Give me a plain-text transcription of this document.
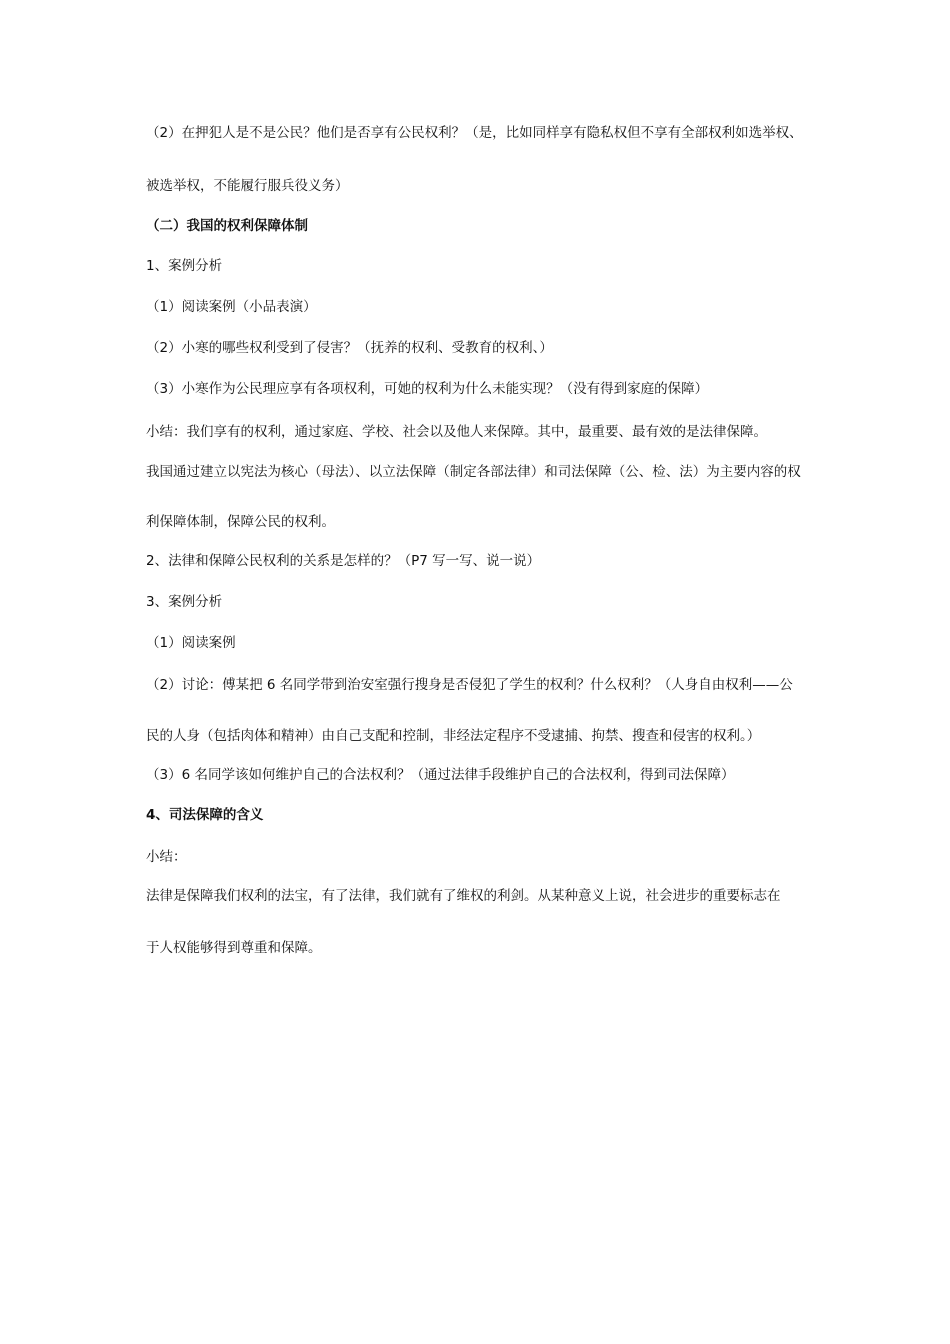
（2）在押犯人是不是公民？他们是否享有公民权利？（是，比如同样享有隐私权但不享有全部权利如选举权、
被选举权，不能履行服兵役义务）
（二）我国的权利保障体制
1、案例分析
（1）阅读案例（小品表演）
（2）小寒的哪些权利受到了侵害？（抚养的权利、受教育的权利、）
（3）小寒作为公民理应享有各项权利，可她的权利为什么未能实现？（没有得到家庭的保障）
小结：我们享有的权利，通过家庭、学校、社会以及他人来保障。其中，最重要、最有效的是法律保障。
我国通过建立以宪法为核心（母法）、以立法保障（制定各部法律）和司法保障（公、检、法）为主要内容的权
利保障体制，保障公民的权利。
2、法律和保障公民权利的关系是怎样的？（P7 写一写、说一说）
3、案例分析
（1）阅读案例
（2）讨论：傅某把 6 名同学带到治安室强行搜身是否侵犯了学生的权利？什么权利？（人身自由权利——公
民的人身（包括肉体和精神）由自己支配和控制，非经法定程序不受逮捕、拘禁、搜查和侵害的权利。）
（3）6 名同学该如何维护自己的合法权利？（通过法律手段维护自己的合法权利，得到司法保障）
4、司法保障的含义
小结：
法律是保障我们权利的法宝，有了法律，我们就有了维权的利剑。从某种意义上说，社会进步的重要标志在
于人权能够得到尊重和保障。
